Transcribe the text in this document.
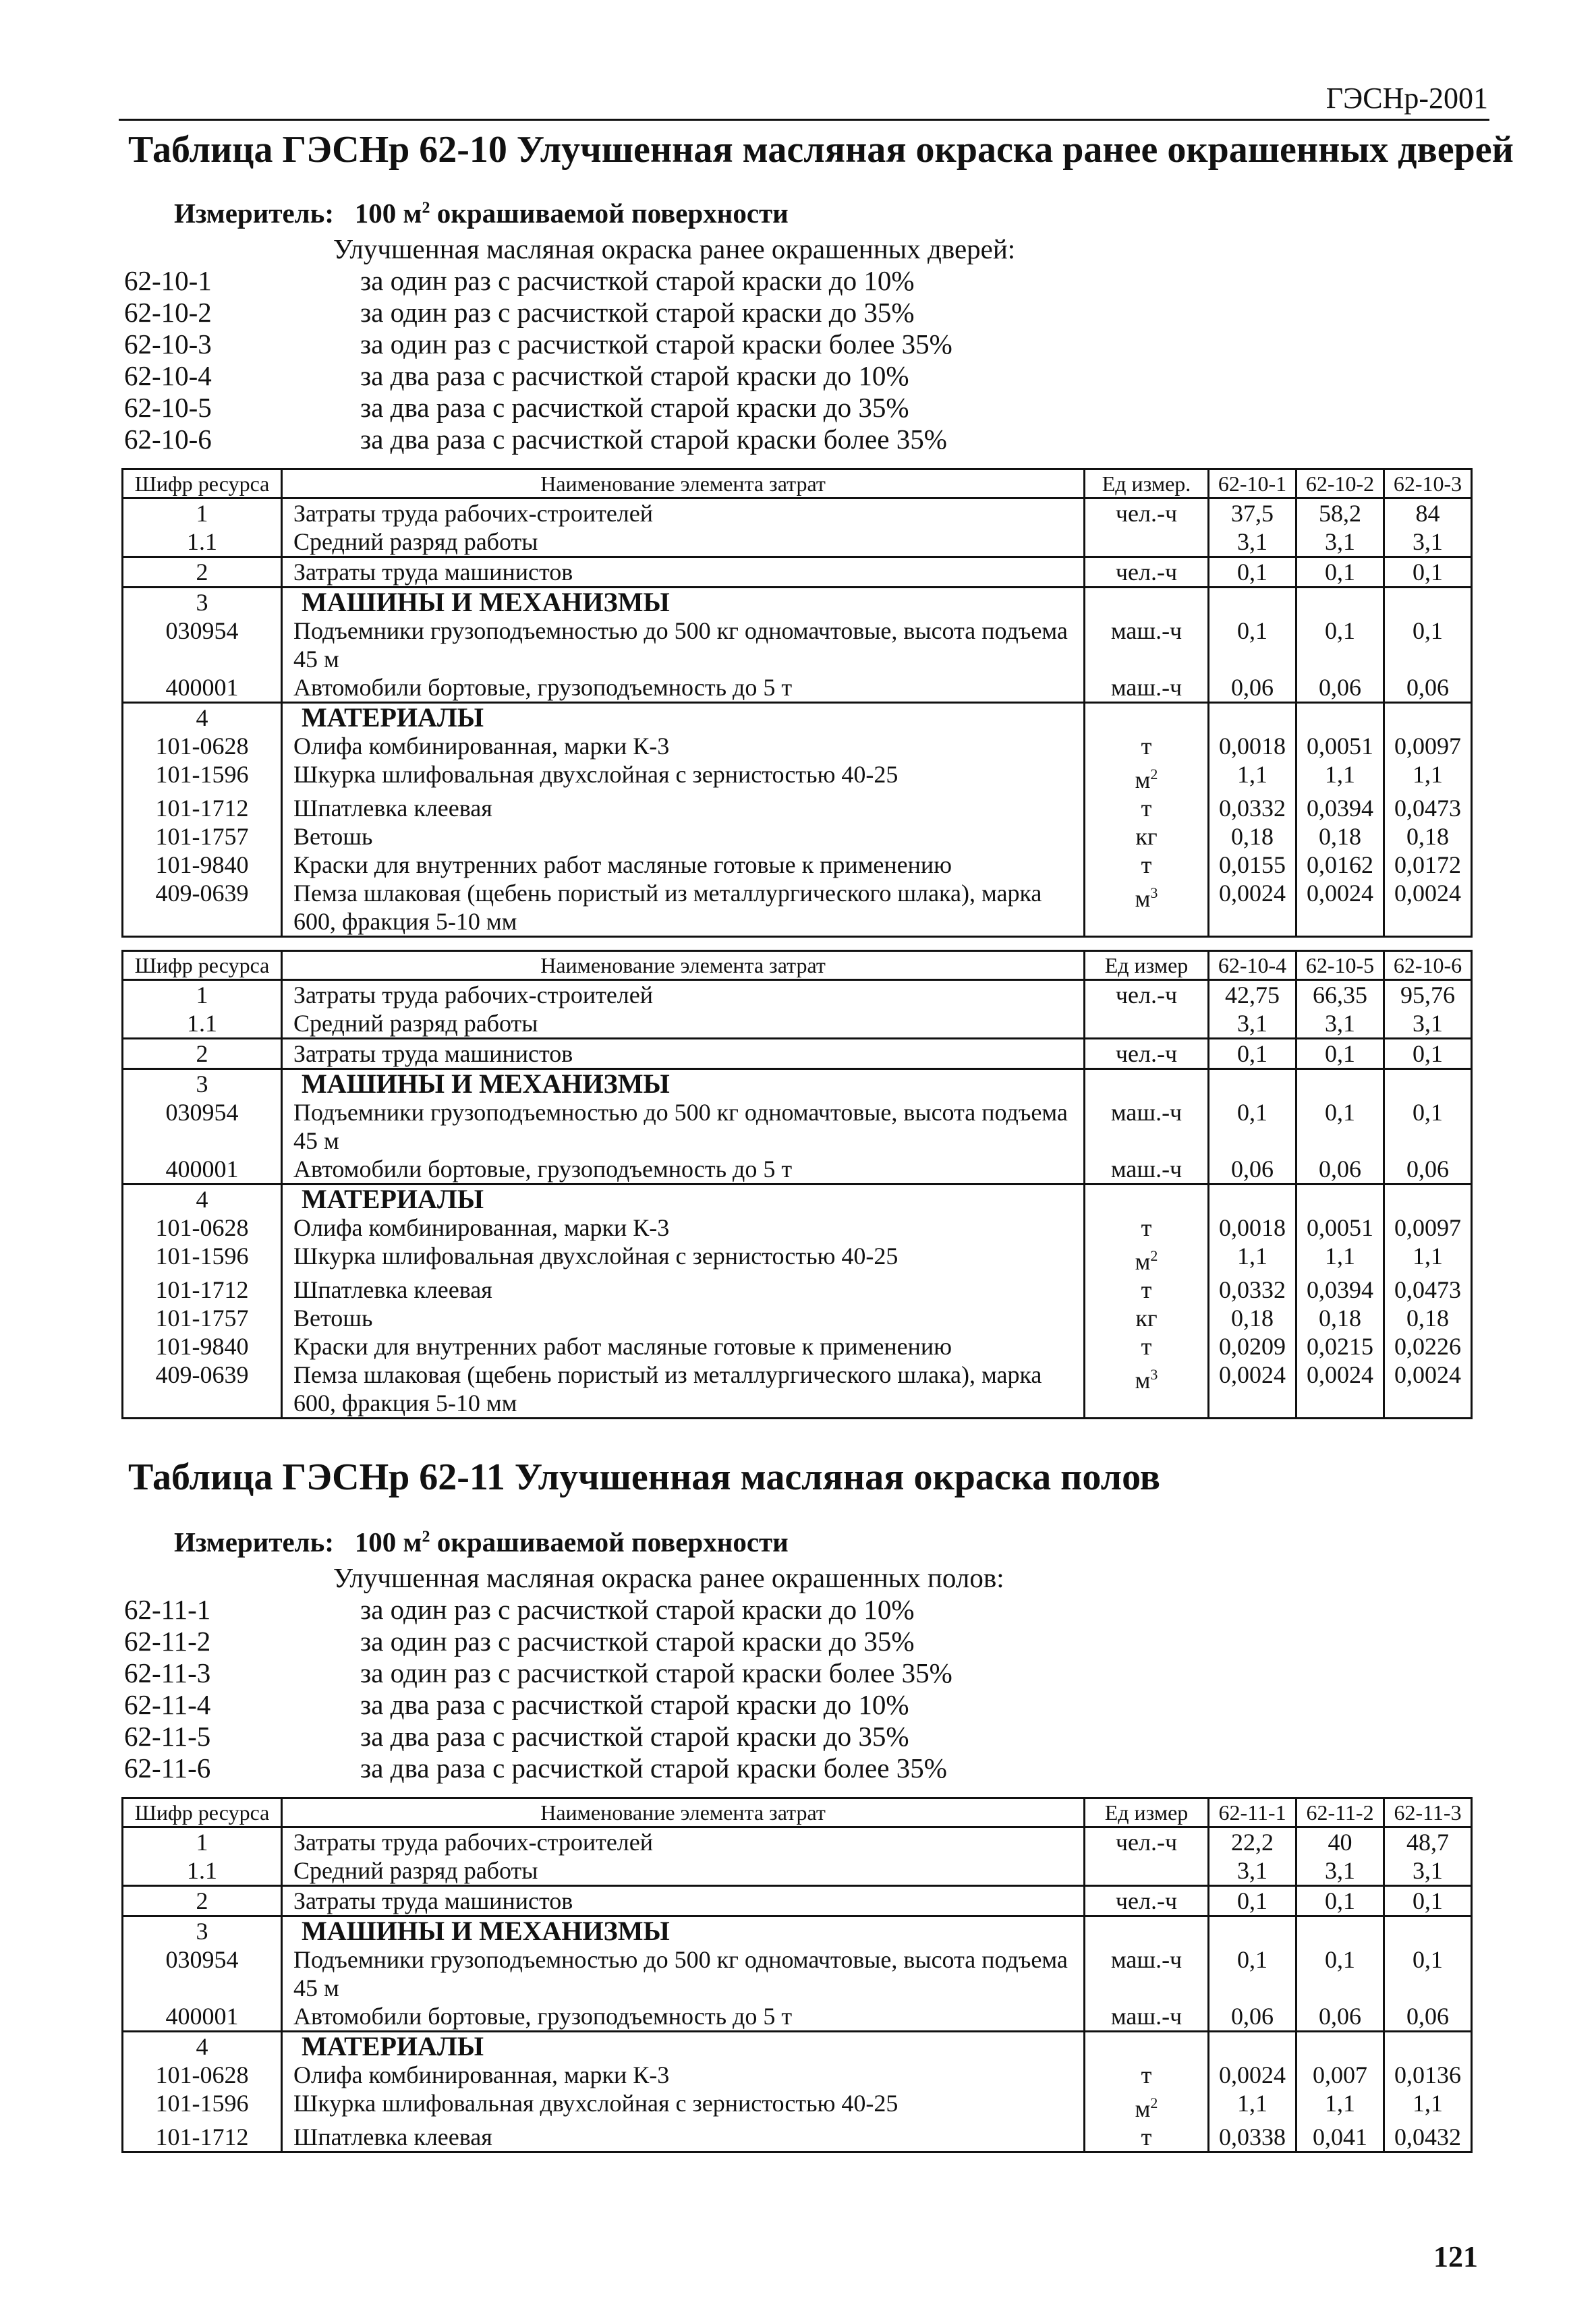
ГЭСНр-2001
Таблица ГЭСНр 62-10 Улучшенная масляная окраска ранее окрашенных дверей
Измеритель: 100 $м^2$ окрашиваемой поверхности
Улучшенная масляная окраска ранее окрашенных дверей:
62-10-1	за один раз с расчисткой старой краски до 10%
62-10-2	за один раз с расчисткой старой краски до 35%
62-10-3	за один раз с расчисткой старой краски более 35%
62-10-4	за два раза с расчисткой старой краски до 10%
62-10-5	за два раза с расчисткой старой краски до 35%
62-10-6	за два раза с расчисткой старой краски более 35%
Шифр ресурса	Наименование элемента затрат	Ед измер.	62-10-1	62-10-2	62-10-3
1	Затраты труда рабочих-строителей	чел.-ч	37,5	58,2	84
1.1	Средний разряд работы		3,1	3,1	3,1
2	Затраты труда машинистов	чел.-ч	0,1	0,1	0,1
3	МАШИНЫ И МЕХАНИЗМЫ				
030954	Подъемники грузоподъемностью до 500 кг одномачтовые, высота подъема 45 м	маш.-ч	0,1	0,1	0,1
400001	Автомобили бортовые, грузоподъемность до 5 т	маш.-ч	0,06	0,06	0,06
4	МАТЕРИАЛЫ				
101-0628	Олифа комбинированная, марки К-3	т	0,0018	0,0051	0,0097
101-1596	Шкурка шлифовальная двухслойная с зернистостью 40-25	$м^2$	1,1	1,1	1,1
101-1712	Шпатлевка клеевая	т	0,0332	0,0394	0,0473
101-1757	Ветошь	кг	0,18	0,18	0,18
101-9840	Краски для внутренних работ масляные готовые к применению	т	0,0155	0,0162	0,0172
409-0639	Пемза шлаковая (щебень пористый из металлургического шлака), марка 600, фракция 5-10 мм	$м^3$	0,0024	0,0024	0,0024
Шифр ресурса	Наименование элемента затрат	Ед измер	62-10-4	62-10-5	62-10-6
1	Затраты труда рабочих-строителей	чел.-ч	42,75	66,35	95,76
1.1	Средний разряд работы		3,1	3,1	3,1
2	Затраты труда машинистов	чел.-ч	0,1	0,1	0,1
3	МАШИНЫ И МЕХАНИЗМЫ				
030954	Подъемники грузоподъемностью до 500 кг одномачтовые, высота подъема 45 м	маш.-ч	0,1	0,1	0,1
400001	Автомобили бортовые, грузоподъемность до 5 т	маш.-ч	0,06	0,06	0,06
4	МАТЕРИАЛЫ				
101-0628	Олифа комбинированная, марки К-3	т	0,0018	0,0051	0,0097
101-1596	Шкурка шлифовальная двухслойная с зернистостью 40-25	$м^2$	1,1	1,1	1,1
101-1712	Шпатлевка клеевая	т	0,0332	0,0394	0,0473
101-1757	Ветошь	кг	0,18	0,18	0,18
101-9840	Краски для внутренних работ масляные готовые к применению	т	0,0209	0,0215	0,0226
409-0639	Пемза шлаковая (щебень пористый из металлургического шлака), марка 600, фракция 5-10 мм	$м^3$	0,0024	0,0024	0,0024
Таблица ГЭСНр 62-11 Улучшенная масляная окраска полов
Измеритель: 100 $м^2$ окрашиваемой поверхности
Улучшенная масляная окраска ранее окрашенных полов:
62-11-1	за один раз с расчисткой старой краски до 10%
62-11-2	за один раз с расчисткой старой краски до 35%
62-11-3	за один раз с расчисткой старой краски более 35%
62-11-4	за два раза с расчисткой старой краски до 10%
62-11-5	за два раза с расчисткой старой краски до 35%
62-11-6	за два раза с расчисткой старой краски более 35%
Шифр ресурса	Наименование элемента затрат	Ед измер	62-11-1	62-11-2	62-11-3
1	Затраты труда рабочих-строителей	чел.-ч	22,2	40	48,7
1.1	Средний разряд работы		3,1	3,1	3,1
2	Затраты труда машинистов	чел.-ч	0,1	0,1	0,1
3	МАШИНЫ И МЕХАНИЗМЫ				
030954	Подъемники грузоподъемностью до 500 кг одномачтовые, высота подъема 45 м	маш.-ч	0,1	0,1	0,1
400001	Автомобили бортовые, грузоподъемность до 5 т	маш.-ч	0,06	0,06	0,06
4	МАТЕРИАЛЫ				
101-0628	Олифа комбинированная, марки К-3	т	0,0024	0,007	0,0136
101-1596	Шкурка шлифовальная двухслойная с зернистостью 40-25	$м^2$	1,1	1,1	1,1
101-1712	Шпатлевка клеевая	т	0,0338	0,041	0,0432
121
